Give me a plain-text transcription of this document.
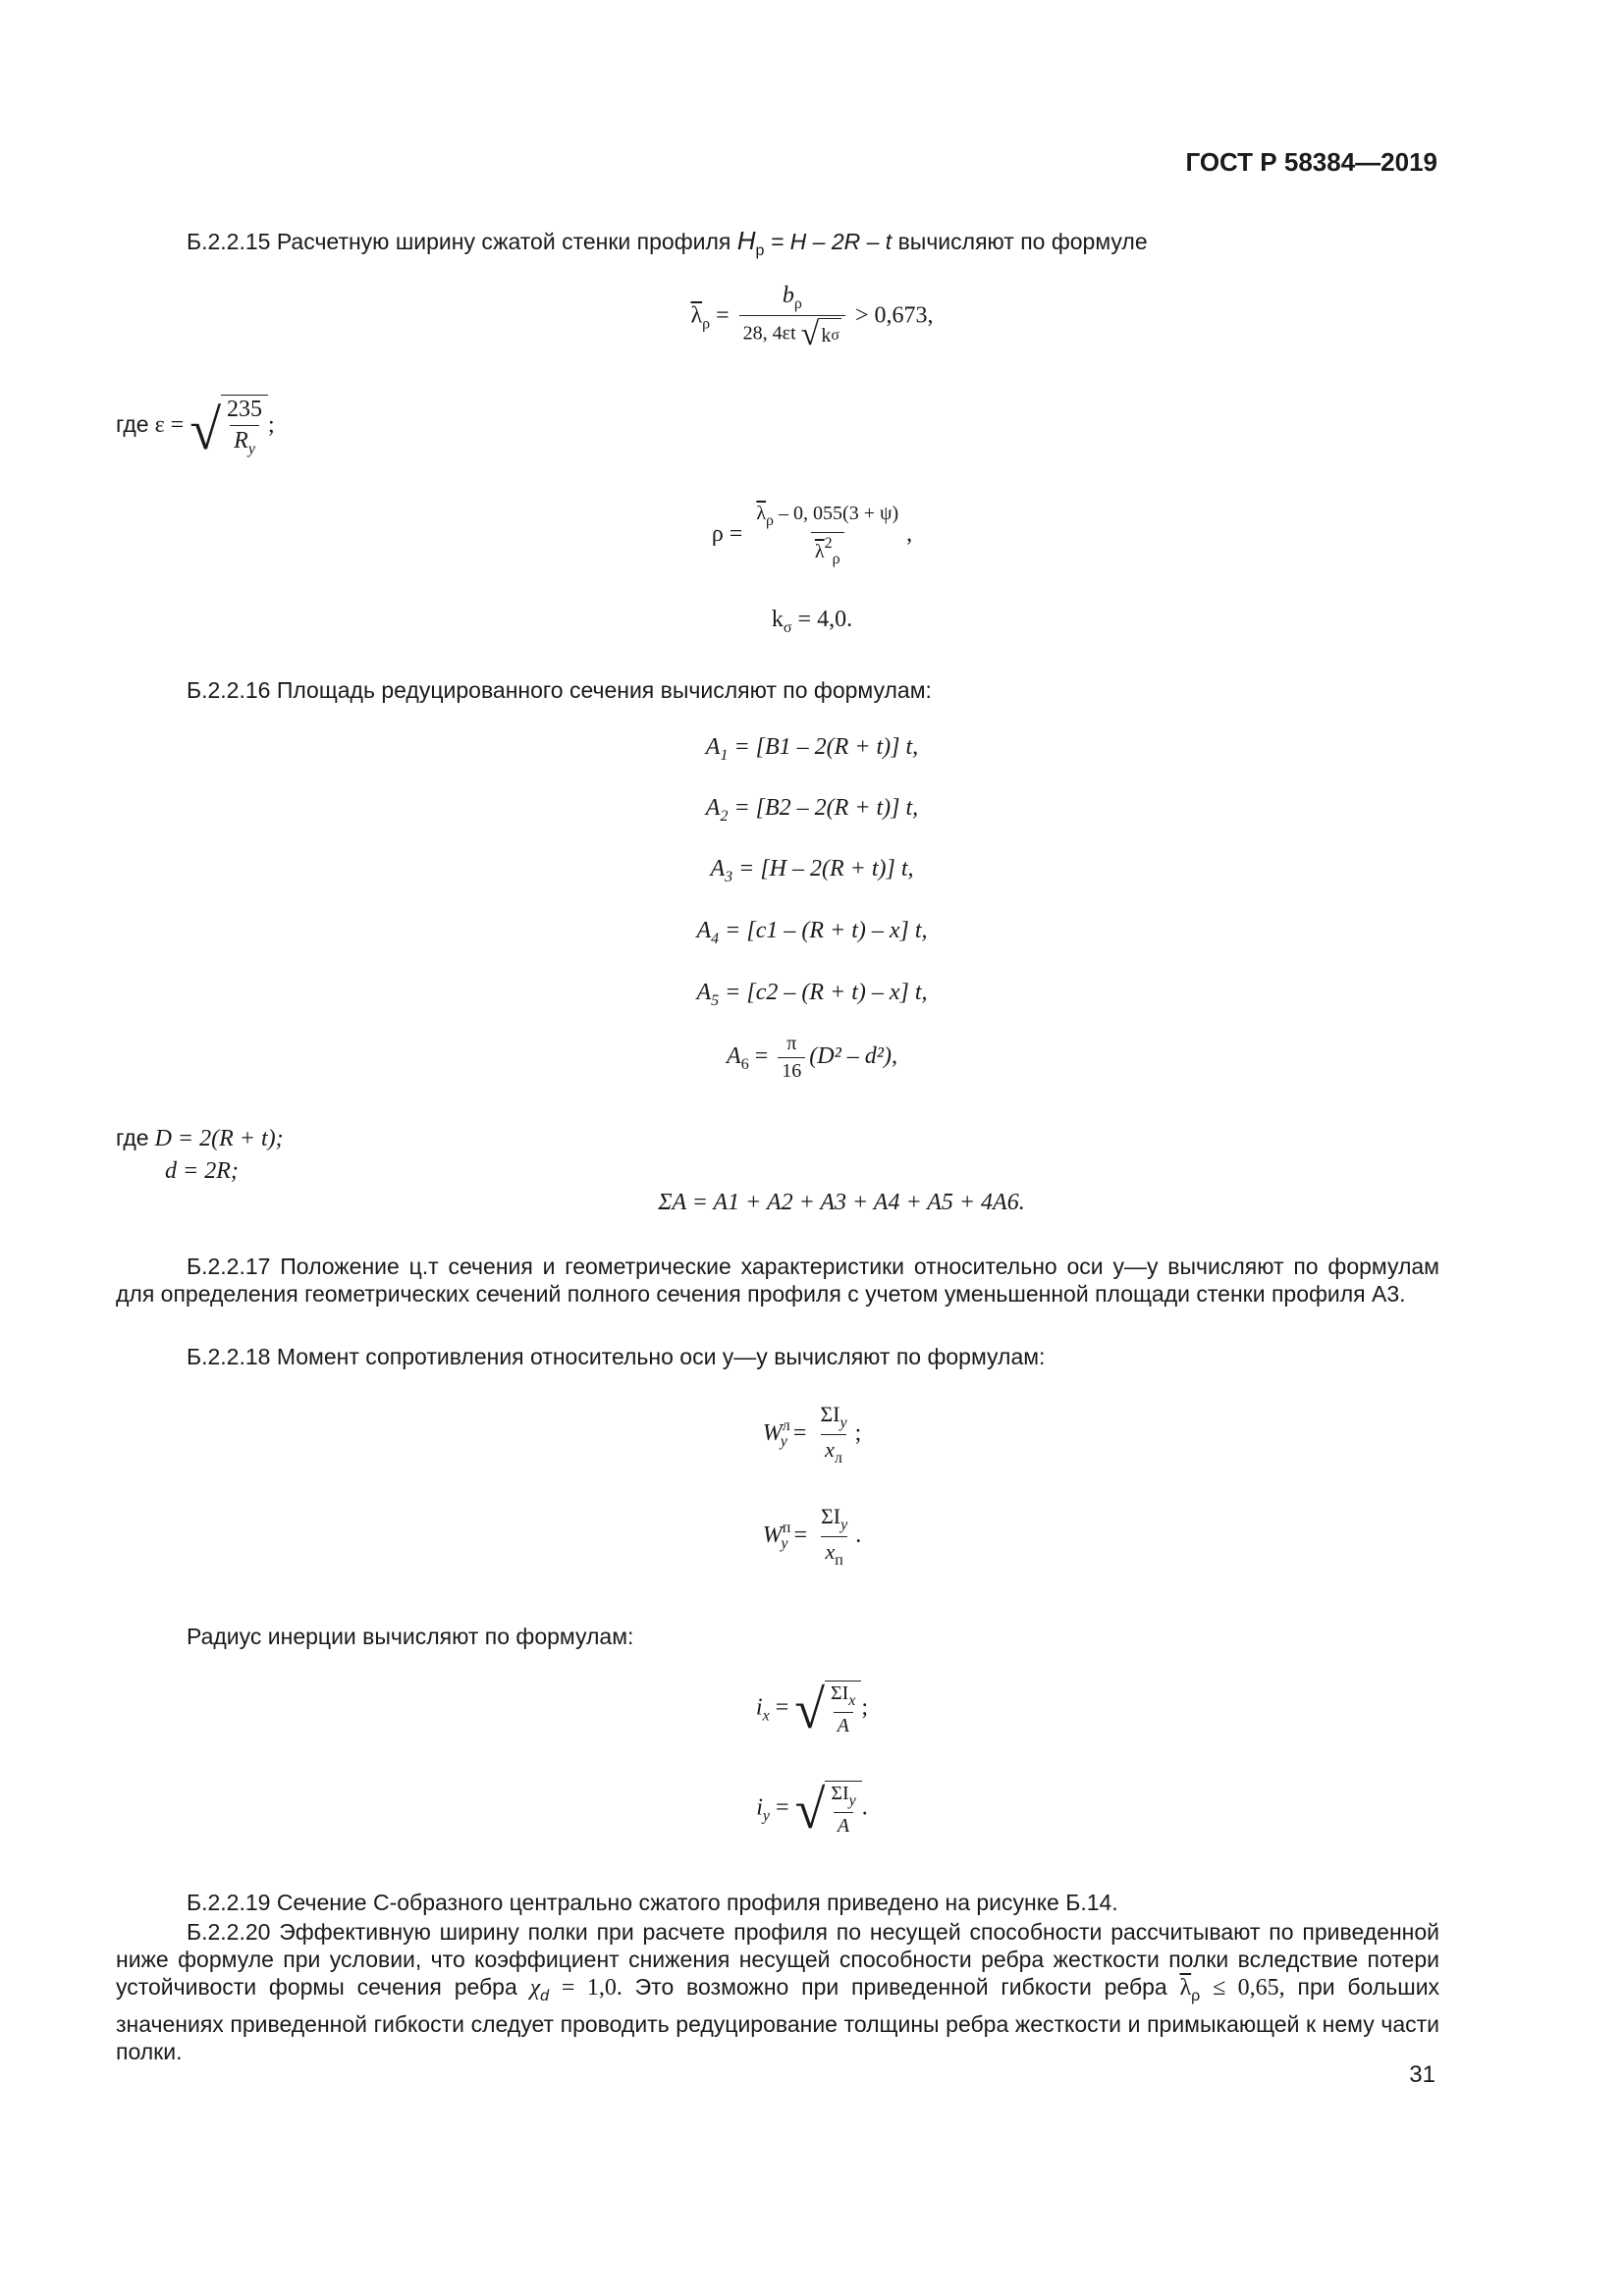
ГОСТ Р 58384—2019
Б.2.2.15 Расчетную ширину сжатой стенки профиля $H_р = H - 2R - t$ вычисляют по формуле
$\overline{\lambda}_\rho = \frac{b_\rho}{\text{28, 4εt √ k σ}} > 0,673$,
где ε = √ $\frac{235}{R_y}$ ;
$\rho = \frac{\overline{\lambda}_\rho - 0, 055(3 + \psi)}{\overline{\lambda}^2_\rho}$ ,
$k_\sigma = 4,0$.
Б.2.2.16 Площадь редуцированного сечения вычисляют по формулам:
$A_1 = [B1 - 2(R + t)]$ t,
$A_2 = [B2 - 2(R + t)]$ t,
$A_3 = [H - 2(R + t)]$ t,
$A_4 = [c1 - (R + t) - x]$ t,
$A_5 = [c2 - (R + t) - x]$ t,
$A_6 = \frac{\pi}{16} (D^2 - d^2)$,
где D = 2(R + t);
d = 2R;
ΣA = A1 + A2 + A3 + A4 + A5 + 4A6.
Б.2.2.17 Положение ц.т сечения и геометрические характеристики относительно оси y—y вычисляют по формулам для определения геометрических сечений полного сечения профиля с учетом уменьшенной площади стенки профиля A3.
Б.2.2.18 Момент сопротивления относительно оси y—y вычисляют по формулам:
$W^л_y = \frac{\Sigma I_y}{x_л}$ ;
$W^п_y = \frac{\Sigma I_y}{x_п}$ .
Радиус инерции вычисляют по формулам:
$i_x$ = √ $\frac{\Sigma I_x}{A}$ ;
$i_y$ = √ $\frac{\Sigma I_y}{A}$ .
Б.2.2.19 Сечение С-образного центрально сжатого профиля приведено на рисунке Б.14.
Б.2.2.20 Эффективную ширину полки при расчете профиля по несущей способности рассчитывают по приведенной ниже формуле при условии, что коэффициент снижения несущей способности ребра жесткости полки вследствие потери устойчивости формы сечения ребра $\chi_d = 1,0$. Это возможно при приведенной гибкости ребра $\overline{\lambda}_\rho \le 0,65$, при больших значениях приведенной гибкости следует проводить редуцирование толщины ребра жесткости и примыкающей к нему части полки.
31
